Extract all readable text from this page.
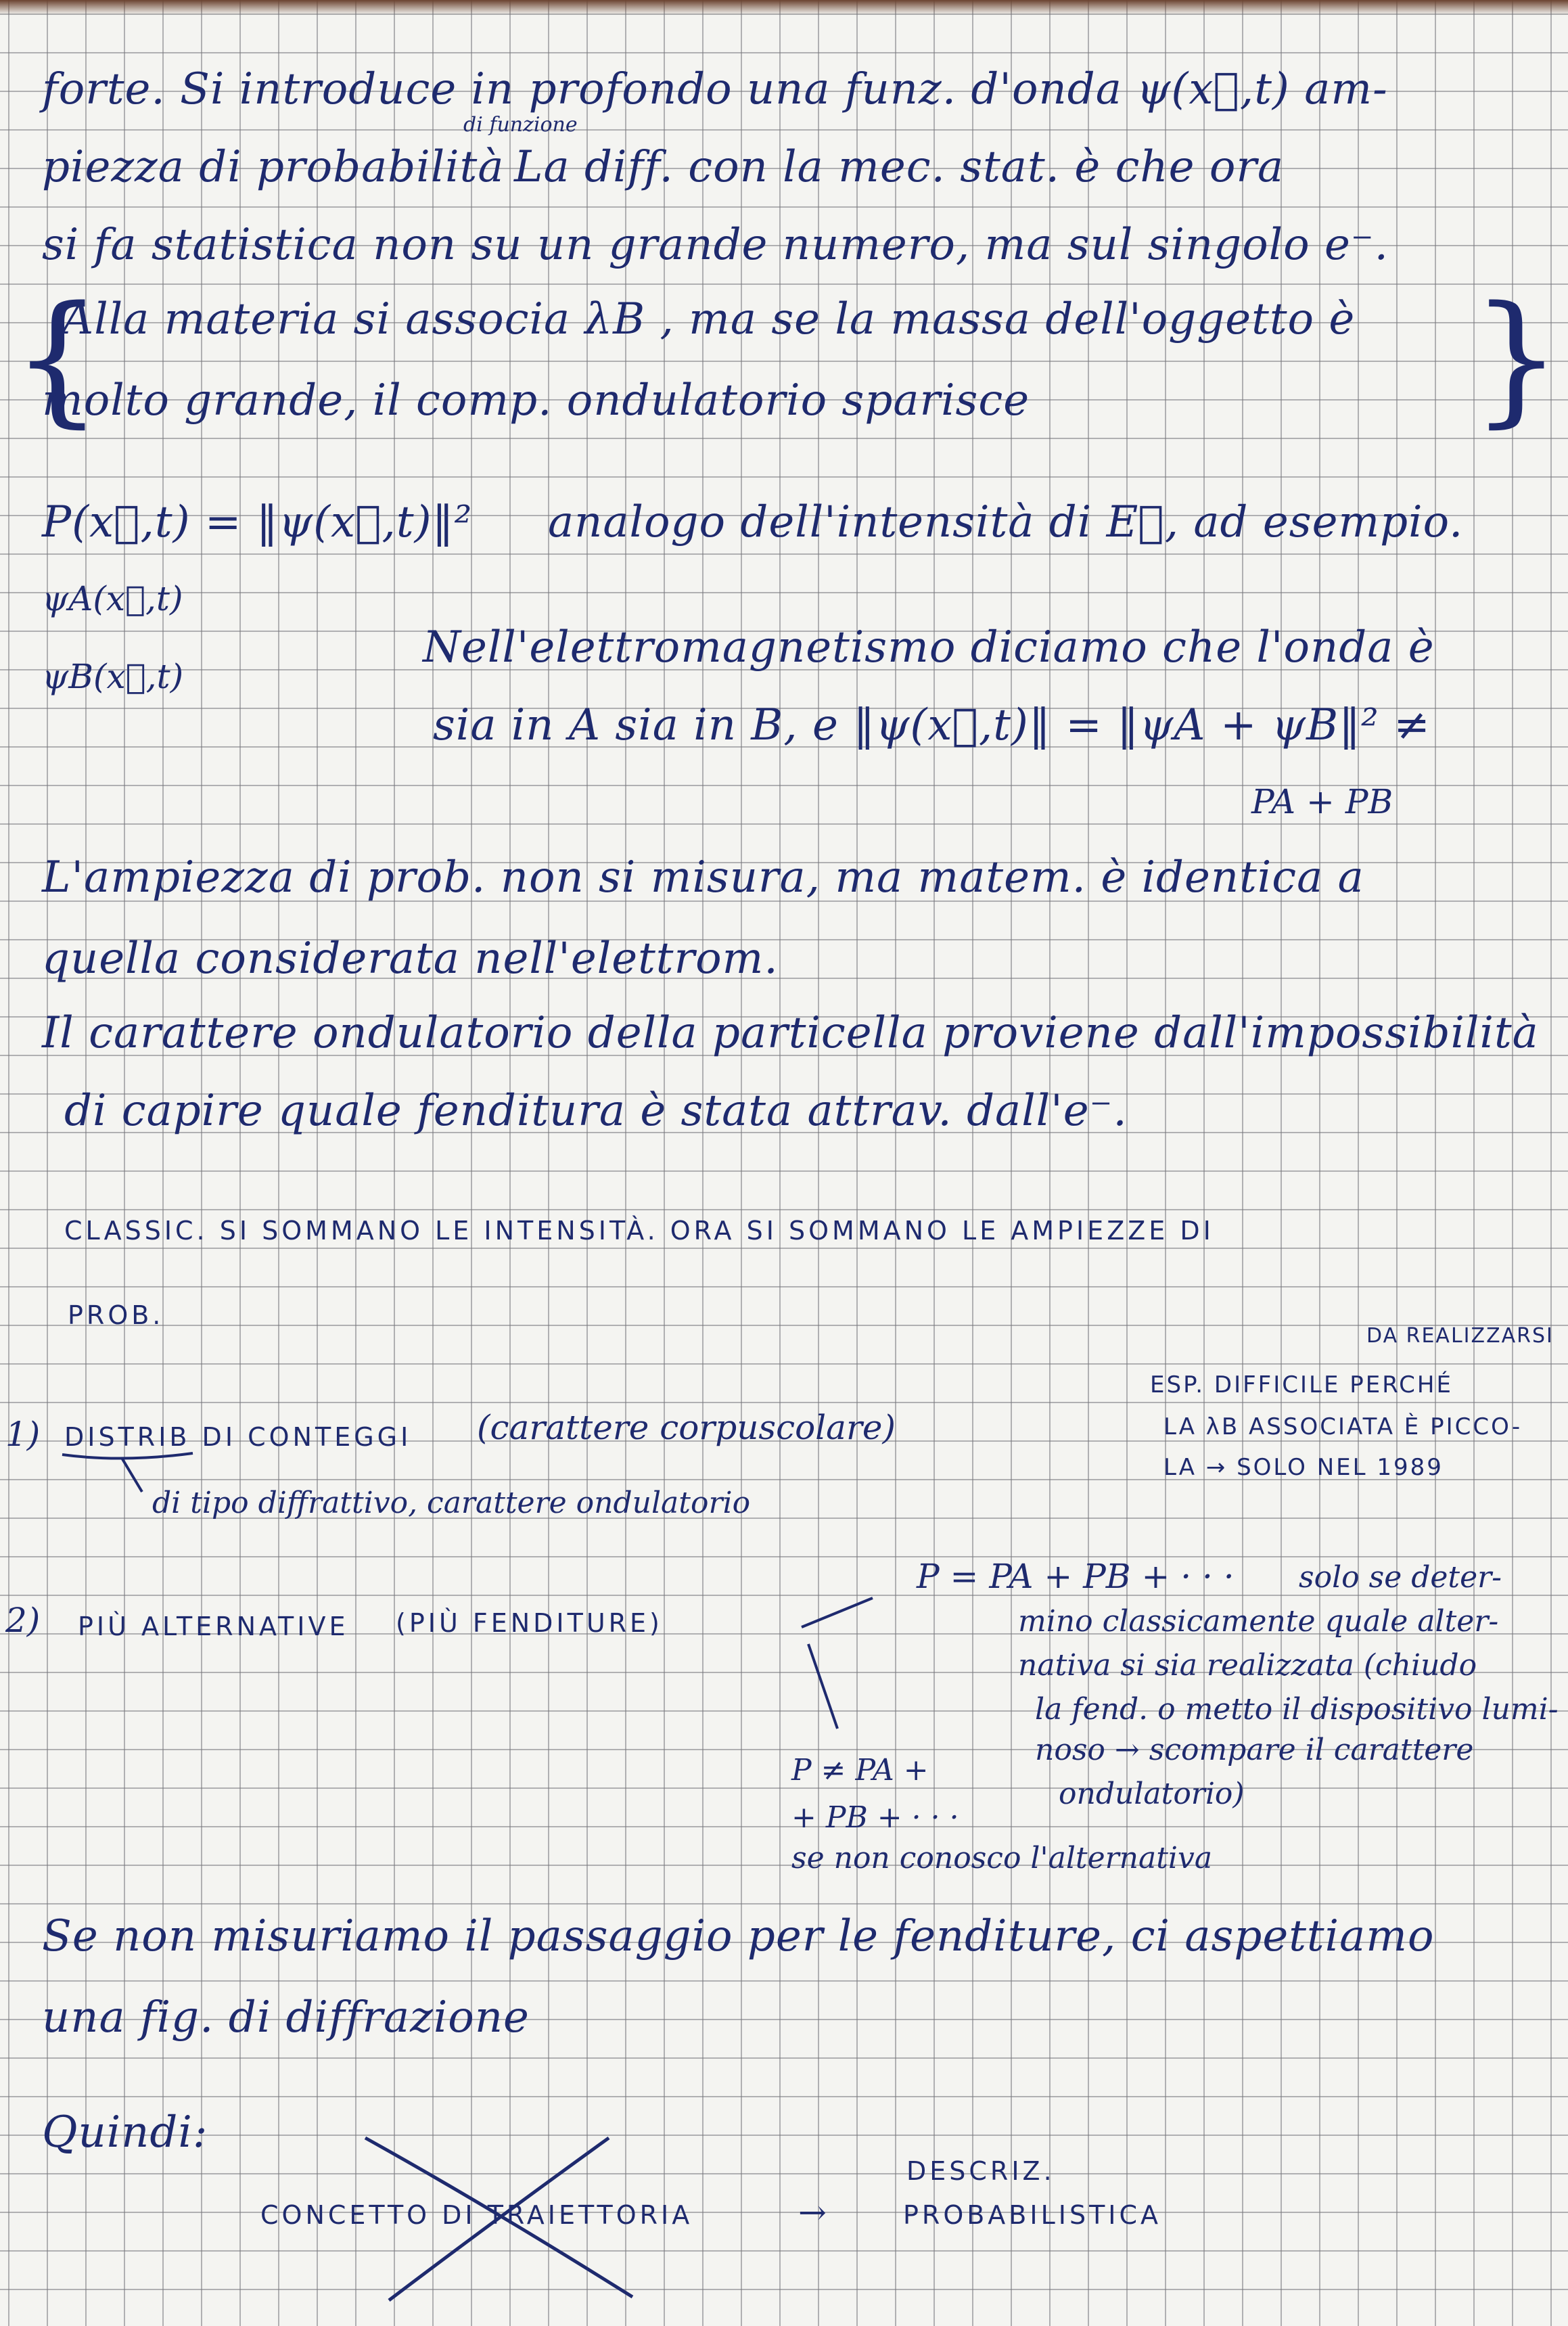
forte. Si introduce in profondo una funz. d'onda ψ(x⃗,t) am-
piezza di probabilità
di funzione
La diff. con la mec. stat. è che ora
si fa statistica non su un grande numero, ma sul singolo e⁻.
{
Alla materia si associa λB , ma se la massa dell'oggetto è }
molto grande, il comp. ondulatorio sparisce
P(x⃗,t) = ‖ψ(x⃗,t)‖² analogo dell'intensità di E⃗, ad esempio.
ψA(x⃗,t)
ψB(x⃗,t)
Nell'elettromagnetismo diciamo che l'onda è
sia in A sia in B, e ‖ψ(x⃗,t)‖ = ‖ψA + ψB‖² ≠
PA + PB
L'ampiezza di prob. non si misura, ma matem. è identica a
quella considerata nell'elettrom.
Il carattere ondulatorio della particella proviene dall'impossibilità
di capire quale fenditura è stata attrav. dall'e⁻.
CLASSIC. SI SOMMANO LE INTENSITÀ. ORA SI SOMMANO LE AMPIEZZE DI
PROB.
1) DISTRIB DI CONTEGGI (carattere corpuscolare)
di tipo diffrattivo, carattere ondulatorio
DA REALIZZARSI
ESP. DIFFICILE PERCHÉ
LA λB ASSOCIATA È PICCO-
LA → SOLO NEL 1989
2) PIÙ ALTERNATIVE (PIÙ FENDITURE)
P = PA + PB + · · · solo se deter-
mino classicamente quale alter-
nativa si sia realizzata (chiudo
la fend. o metto il dispositivo lumi-
noso → scompare il carattere
ondulatorio)
P ≠ PA +
+ PB + · · ·
se non conosco l'alternativa
Se non misuriamo il passaggio per le fenditure, ci aspettiamo
una fig. di diffrazione
Quindi:
CONCETTO DI TRAIETTORIA	→
DESCRIZ.
PROBABILISTICA
